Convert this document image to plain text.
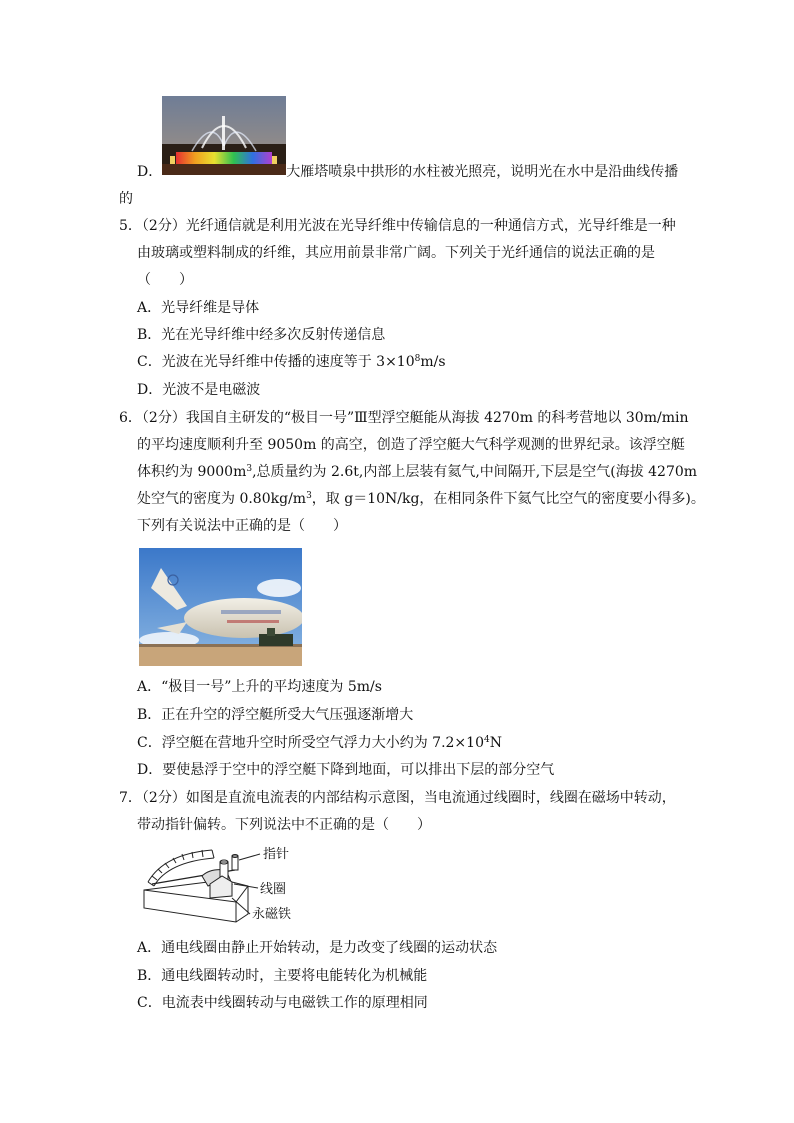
D．	大雁塔喷泉中拱形的水柱被光照亮，说明光在水中是沿曲线传播
的
5．（2分）光纤通信就是利用光波在光导纤维中传输信息的一种通信方式，光导纤维是一种
由玻璃或塑料制成的纤维，其应用前景非常广阔。下列关于光纤通信的说法正确的是
（　　）
A．光导纤维是导体
B．光在光导纤维中经多次反射传递信息
C．光波在光导纤维中传播的速度等于 $3\times 10^8m/s$
D．光波不是电磁波
6．（2分）我国自主研发的“极目一号”Ⅲ型浮空艇能从海拔 4270m 的科考营地以 30m/min
的平均速度顺利升至 9050m 的高空，创造了浮空艇大气科学观测的世界纪录。该浮空艇
体积约为 $9000m^3$,总质量约为 2.6t,内部上层装有氦气,中间隔开,下层是空气(海拔 4270m
处空气的密度为 $0.80kg/m^3$，取 g＝10N/kg，在相同条件下氦气比空气的密度要小得多)。
下列有关说法中正确的是（　　）
A．“极目一号”上升的平均速度为 5m/s
B．正在升空的浮空艇所受大气压强逐渐增大
C．浮空艇在营地升空时所受空气浮力大小约为 $7.2\times 10^4N$
D．要使悬浮于空中的浮空艇下降到地面，可以排出下层的部分空气
7．（2分）如图是直流电流表的内部结构示意图，当电流通过线圈时，线圈在磁场中转动，
带动指针偏转。下列说法中不正确的是（　　）
指针
线圈
永磁铁
A．通电线圈由静止开始转动，是力改变了线圈的运动状态
B．通电线圈转动时，主要将电能转化为机械能
C．电流表中线圈转动与电磁铁工作的原理相同
